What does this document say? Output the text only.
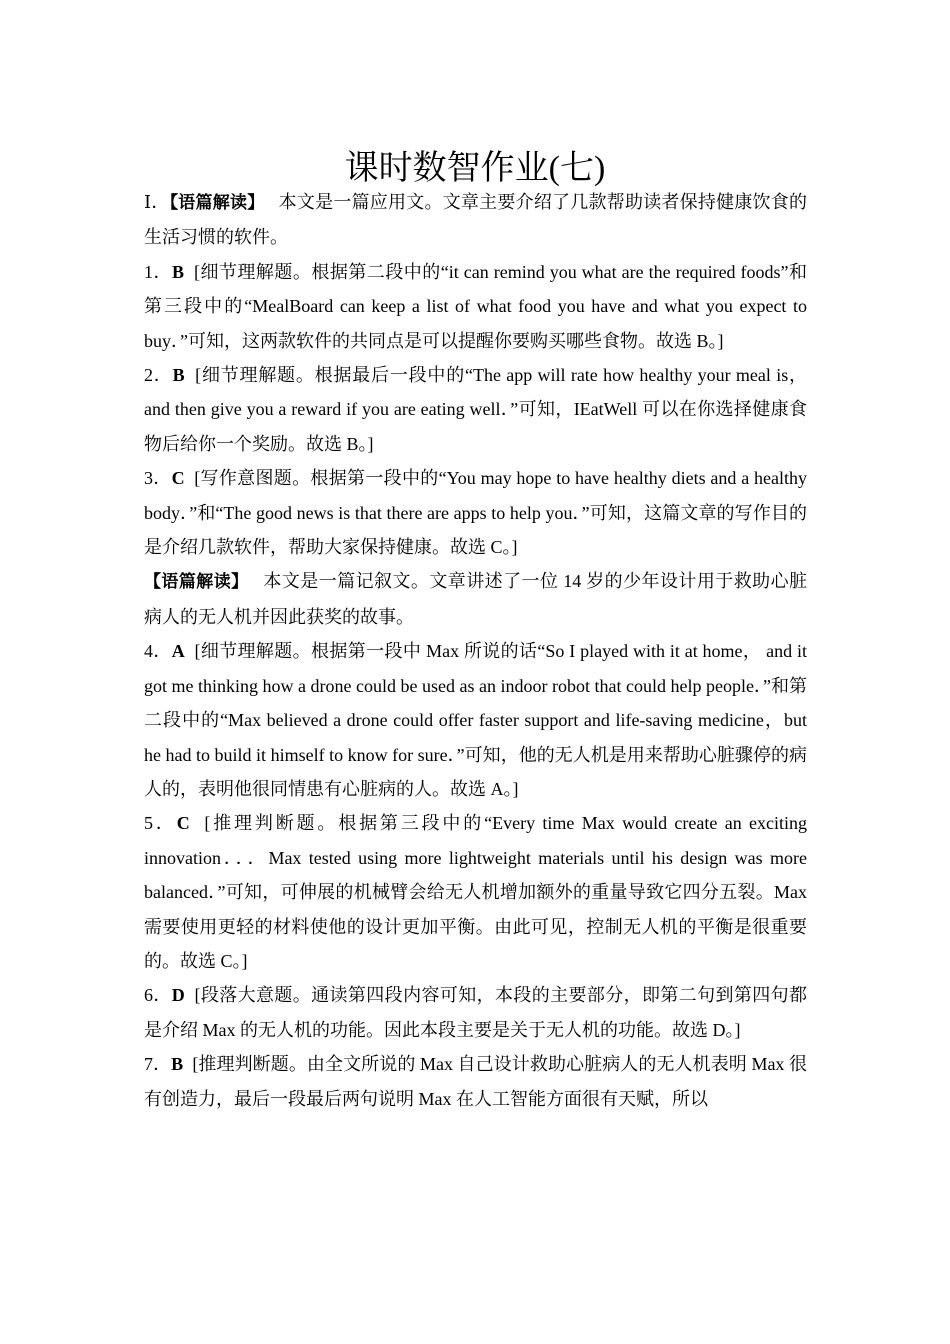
课时数智作业(七)

Ⅰ．【语篇解读】 本文是一篇应用文。文章主要介绍了几款帮助读者保持健康饮食的生活习惯的软件。

1．B [细节理解题。根据第二段中的“it can remind you what are the required foods”和第三段中的“MealBoard can keep a list of what food you have and what you expect to buy．”可知，这两款软件的共同点是可以提醒你要购买哪些食物。故选 B。]

2．B [细节理解题。根据最后一段中的“The app will rate how healthy your meal is，and then give you a reward if you are eating well．”可知，IEatWell 可以在你选择健康食物后给你一个奖励。故选 B。]

3．C [写作意图题。根据第一段中的“You may hope to have healthy diets and a healthy body．”和“The good news is that there are apps to help you．”可知，这篇文章的写作目的是介绍几款软件，帮助大家保持健康。故选 C。]

【语篇解读】 本文是一篇记叙文。文章讲述了一位 14 岁的少年设计用于救助心脏病人的无人机并因此获奖的故事。

4．A [细节理解题。根据第一段中 Max 所说的话“So I played with it at home， and it got me thinking how a drone could be used as an indoor robot that could help people．”和第二段中的“Max believed a drone could offer faster support and life-saving medicine，but he had to build it himself to know for sure．”可知，他的无人机是用来帮助心脏骤停的病人的，表明他很同情患有心脏病的人。故选 A。]

5．C [推理判断题。根据第三段中的“Every time Max would create an exciting innovation．．．Max tested using more lightweight materials until his design was more balanced．”可知，可伸展的机械臂会给无人机增加额外的重量导致它四分五裂。Max 需要使用更轻的材料使他的设计更加平衡。由此可见，控制无人机的平衡是很重要的。故选 C。]

6．D [段落大意题。通读第四段内容可知，本段的主要部分，即第二句到第四句都是介绍 Max 的无人机的功能。因此本段主要是关于无人机的功能。故选 D。]

7．B [推理判断题。由全文所说的 Max 自己设计救助心脏病人的无人机表明 Max 很有创造力，最后一段最后两句说明 Max 在人工智能方面很有天赋，所以
